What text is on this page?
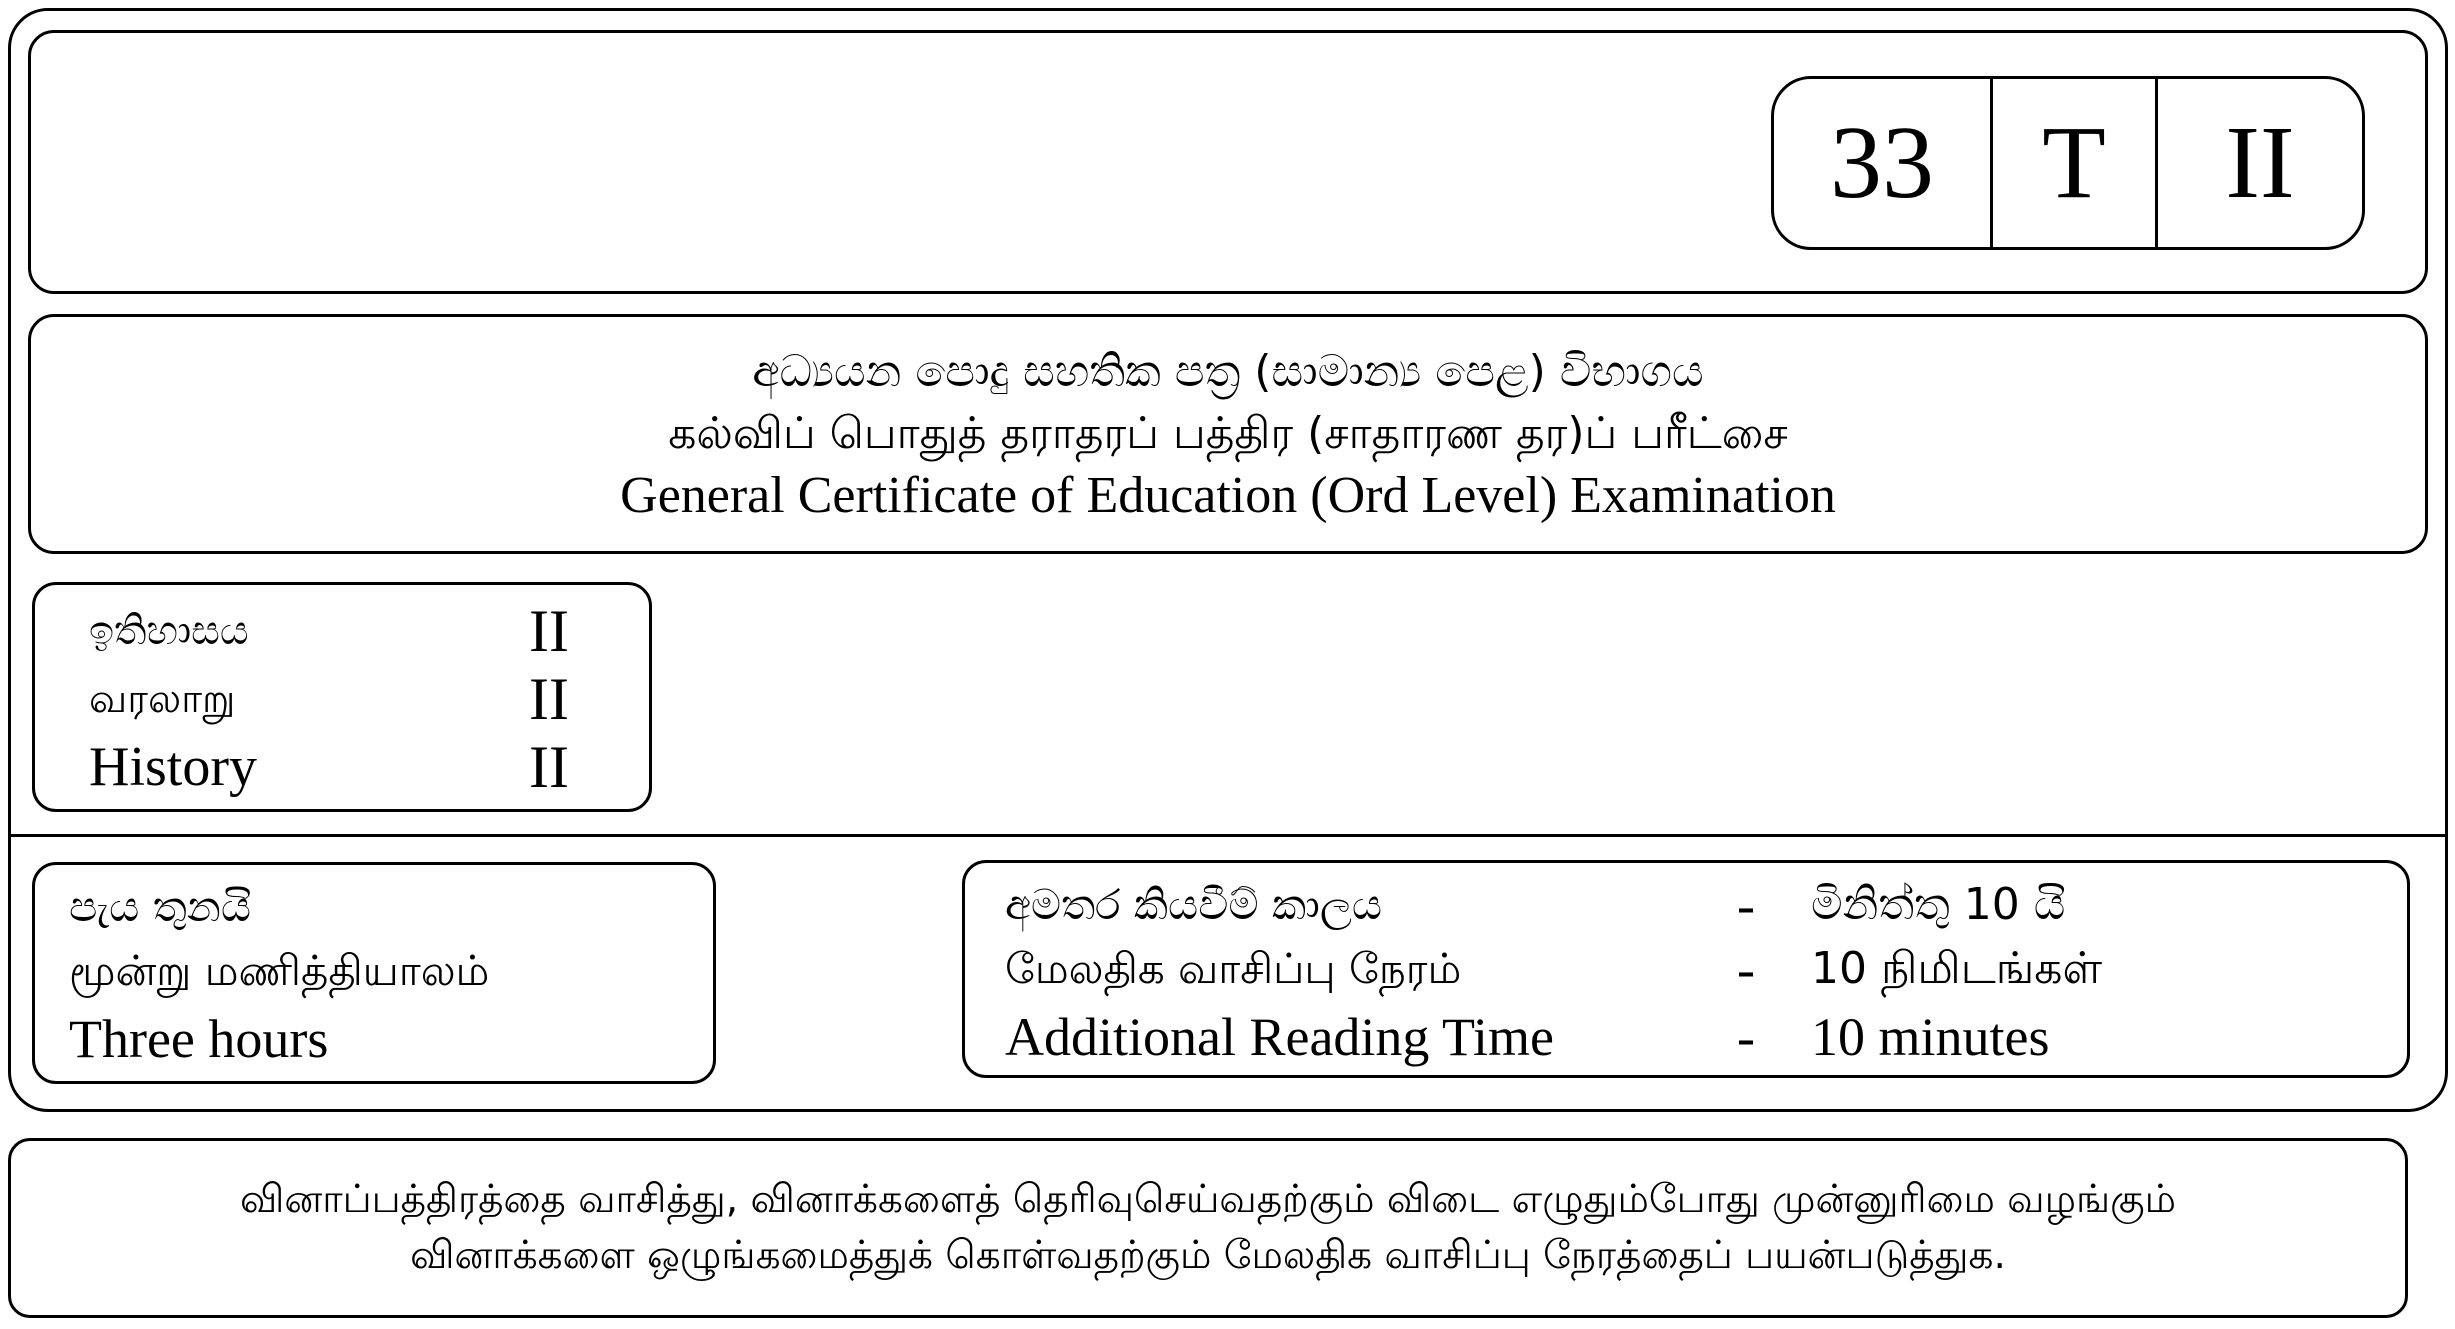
33	T	II
අධ්‍යයන පොදු සහතික පත්‍ර (සාමාන්‍ය පෙළ) විභාගය
கல்விப் பொதுத் தராதரப் பத்திர (சாதாரண தர)ப் பரீட்சை
General Certificate of Education (Ord Level) Examination
ඉතිහාසය	II
வரலாறு	II
History	II
පැය තුනයි
மூன்று மணித்தியாலம்
Three hours
අමතර කියවීම් කාලය	- මිනිත්තු 10 යි
மேலதிக வாசிப்பு நேரம்	- 10 நிமிடங்கள்
Additional Reading Time	- 10 minutes
வினாப்பத்திரத்தை வாசித்து, வினாக்களைத் தெரிவுசெய்வதற்கும் விடை எழுதும்போது முன்னுரிமை வழங்கும்
வினாக்களை ஒழுங்கமைத்துக் கொள்வதற்கும் மேலதிக வாசிப்பு நேரத்தைப் பயன்படுத்துக.
